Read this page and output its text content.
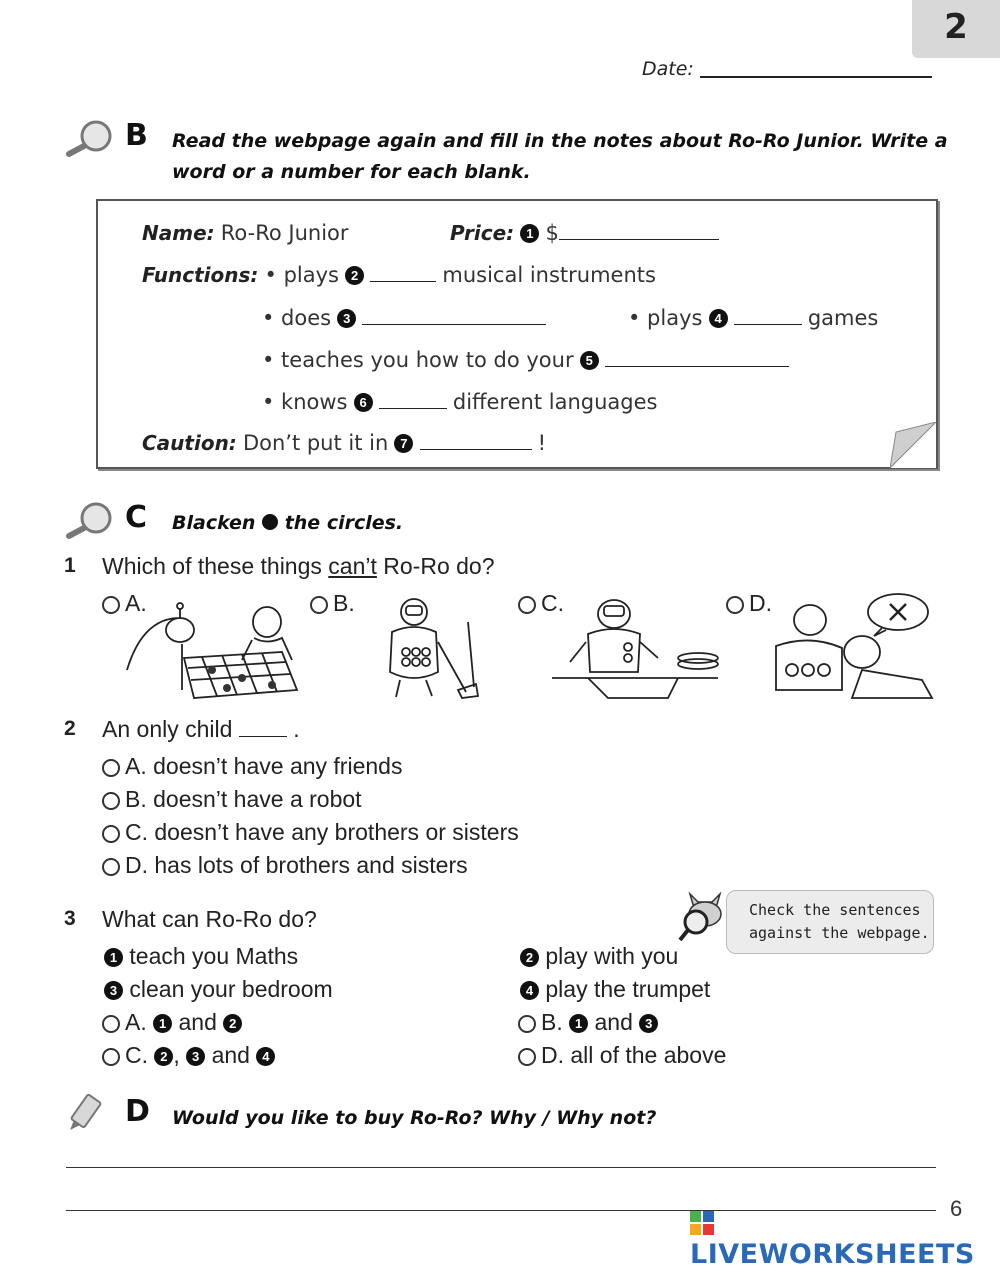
2
Date:
B Read the webpage again and fill in the notes about Ro-Ro Junior. Write a
word or a number for each blank.
Name: Ro-Ro Junior	Price: 1 $
Functions: • plays 2	musical instruments
• does 3	• plays 4	games
• teaches you how to do your 5
• knows 6	different languages
Caution: Don’t put it in 7	!
C Blacken the circles.
1 Which of these things can’t Ro-Ro do?
A.	B.	C.	D.
2 An only child	.
A. doesn’t have any friends
B. doesn’t have a robot
C. doesn’t have any brothers or sisters
D. has lots of brothers and sisters
3 What can Ro-Ro do?	Check the sentences
against the webpage.
1 teach you Maths	2 play with you
3 clean your bedroom	4 play the trumpet
A. 1 and 2	B. 1 and 3
C. 2 , 3 and 4	D. all of the above
D Would you like to buy Ro-Ro? Why / Why not?
6
LIVEWORKSHEETS
